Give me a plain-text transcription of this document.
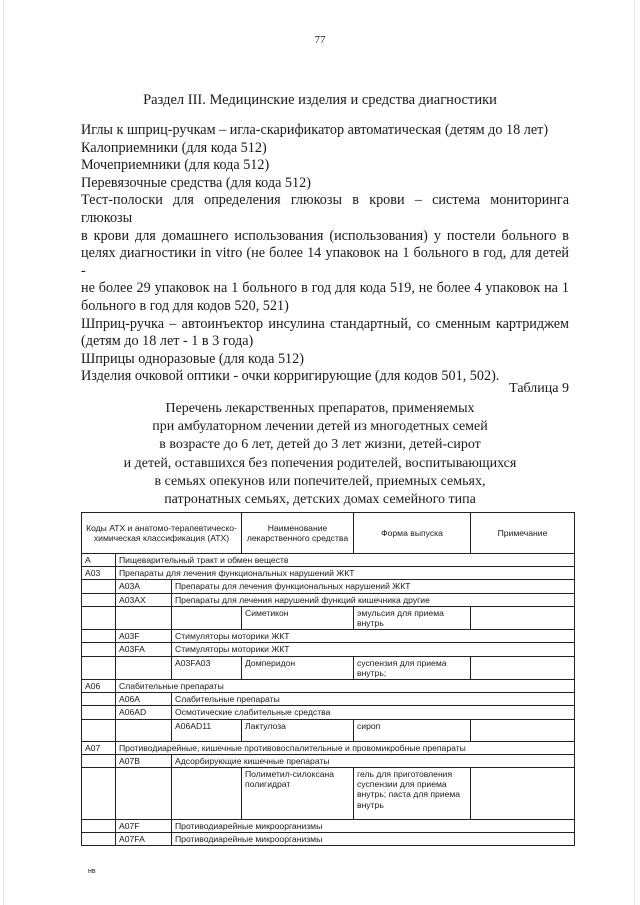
77
Раздел III. Медицинские изделия и средства диагностики

Иглы к шприц-ручкам – игла-скарификатор автоматическая (детям до 18 лет)

Калоприемники (для кода 512)

Мочеприемники (для кода 512)

Перевязочные средства (для кода 512)

Тест-полоски для определения глюкозы в крови – система мониторинга глюкозы

в крови для домашнего использования (использования) у постели больного в

целях диагностики in vitro (не более 14 упаковок на 1 больного в год, для детей -

не более 29 упаковок на 1 больного в год для кода 519, не более 4 упаковок на 1

больного в год для кодов 520, 521)

Шприц-ручка – автоинъектор инсулина стандартный, со сменным картриджем

(детям до 18 лет - 1 в 3 года)

Шприцы одноразовые (для кода 512)

Изделия очковой оптики - очки корригирующие (для кодов 501, 502).

Таблица 9

Перечень лекарственных препаратов, применяемых

при амбулаторном лечении детей из многодетных семей

в возрасте до 6 лет, детей до 3 лет жизни, детей-сирот

и детей, оставшихся без попечения родителей, воспитывающихся

в семьях опекунов или попечителей, приемных семьях,

патронатных семьях, детских домах семейного типа

Коды АТХ и анатомо-терапевтическо- химическая классификация (АТХ)			Наименование лекарственного средства	Форма выпуска	Примечание
A	Пищеварительный тракт и обмен веществ				
A03	Препараты для лечения функциональных нарушений ЖКТ				
	A03A	Препараты для лечения функциональных нарушений ЖКТ			
	A03AX	Препараты для лечения нарушений функций кишечника другие			
			Симетикон	эмульсия для приема внутрь	
	A03F	Стимуляторы моторики ЖКТ			
	A03FA	Стимуляторы моторики ЖКТ			
		A03FA03	Домперидон	суспензия для приема внутрь;	
A06	Слабительные препараты				
	A06A	Слабительные препараты			
	A06AD	Осмотические слабительные средства			
		A06AD11	Лактулоза	сироп	
A07	Противодиарейные, кишечные противовоспалительные и провомикробные препараты				
	A07B	Адсорбирующие кишечные препараты			
			Полиметил-силоксана полигидрат	гель для приготовления суспензии для приема внутрь; паста для приема внутрь	
	A07F	Противодиарейные микроорганизмы			
	A07FA	Противодиарейные микроорганизмы			
нв
